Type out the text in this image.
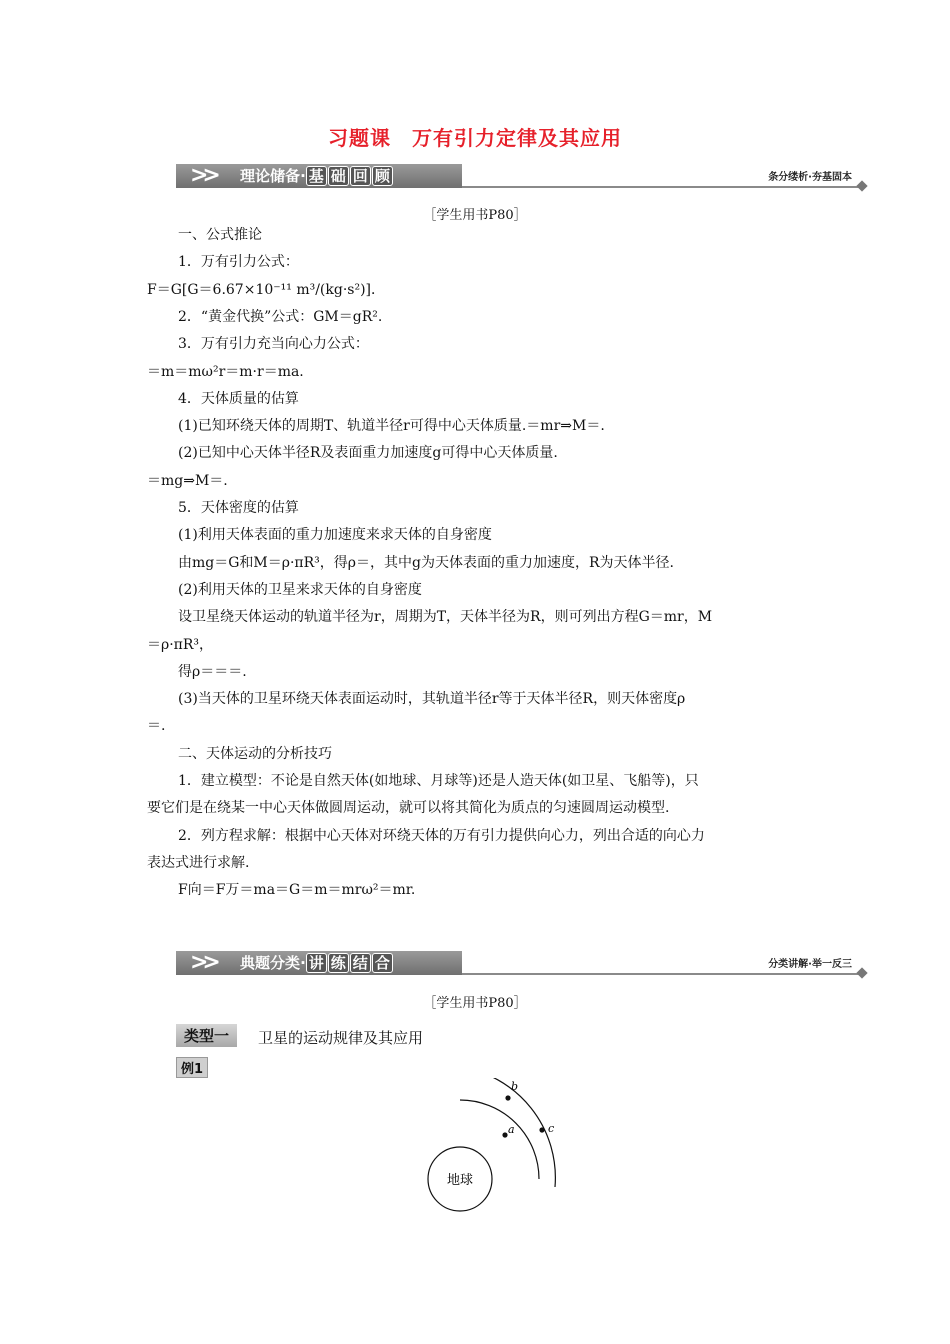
习题课　万有引力定律及其应用
>> 理论储备· 基 础 回 顾	条分缕析·夯基固本
［学生用书P80］
一、公式推论
1．万有引力公式：
F＝G[G＝6.67×10⁻¹¹ m³/(kg·s²)]．
2．“黄金代换”公式：GM＝gR².
3．万有引力充当向心力公式：
＝m＝mω²r＝m·r＝ma.
4．天体质量的估算
(1)已知环绕天体的周期T、轨道半径r可得中心天体质量.＝mr⇒M＝.
(2)已知中心天体半径R及表面重力加速度g可得中心天体质量.
＝mg⇒M＝.
5．天体密度的估算
(1)利用天体表面的重力加速度来求天体的自身密度
由mg＝G和M＝ρ·πR³，得ρ＝，其中g为天体表面的重力加速度，R为天体半径.
(2)利用天体的卫星来求天体的自身密度
设卫星绕天体运动的轨道半径为r，周期为T，天体半径为R，则可列出方程G＝mr，M
＝ρ·πR³，
得ρ＝＝＝.
(3)当天体的卫星环绕天体表面运动时，其轨道半径r等于天体半径R，则天体密度ρ
＝.
二、天体运动的分析技巧
1．建立模型：不论是自然天体(如地球、月球等)还是人造天体(如卫星、飞船等)，只
要它们是在绕某一中心天体做圆周运动，就可以将其简化为质点的匀速圆周运动模型.
2．列方程求解：根据中心天体对环绕天体的万有引力提供向心力，列出合适的向心力
表达式进行求解.
F向＝F万＝ma＝G＝m＝mrω²＝mr.
>> 典题分类· 讲 练 结 合	分类讲解·举一反三
［学生用书P80］
类型一	卫星的运动规律及其应用
例1
地球
a
b
c
